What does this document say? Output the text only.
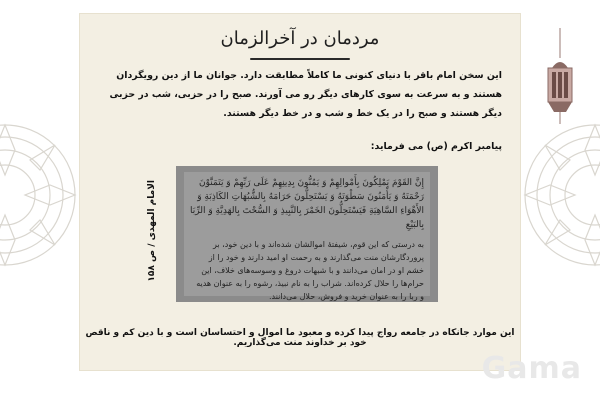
مردمان در آخرالزمان
این سخن امام باقر با دنیای کنونی ما کاملاً مطابقت دارد. جوانان ما از دین رویگردان هستند و به سرعت به سوی کارهای دیگر رو می آورند. صبح را در حزبی، شب در حزبی دیگر هستند و صبح را در یک خط و شب و در خط دیگر هستند.
پیامبر اکرم (ص) می فرماید:
الامام المهدی / ص ۱۵۸	إِنَّ القَوْمَ يَمْلِكُونَ بِأَمْوالِهِمْ وَ يَمُنُّونَ بِدِينِهِمْ عَلَى رَبِّهِمْ وَ يَتَمَنَّوْنَ رَحْمَتَهُ وَ يَأْمَنُونَ سَطْوَتَهُ وَ يَسْتَحِلُّونَ حَرَامَهُ بِالشُّبُهَاتِ الكَاذِبَةِ وَ الأَهْوَاءِ السَّاهِيَةِ فَيَسْتَحِلُّونَ الخَمْرَ بِالنَّبِيذِ وَ السُّحْتَ بِالهَدِيَّةِ وَ الرِّبَا بِالبَيْعِ
به درستی که این قوم، شیفتهٔ اموالشان شده‌اند و با دین خود، بر پروردگارشان منت می‌گذارند و به رحمت او امید دارند و خود را از خشم او در امان می‌دانند و با شبهات دروغ و وسوسه‌های خلاف، این حرام‌ها را حلال کرده‌اند. شراب را به نام نبیذ، رشوه را به عنوان هدیه و ربا را به عنوان خرید و فروش، حلال می‌دانند.
این موارد جانکاه در جامعه رواج پیدا کرده و معبود ما اموال و احتساسان است و با دین کم و ناقص خود بر خداوند منت می‌گذاریم.
Gama
